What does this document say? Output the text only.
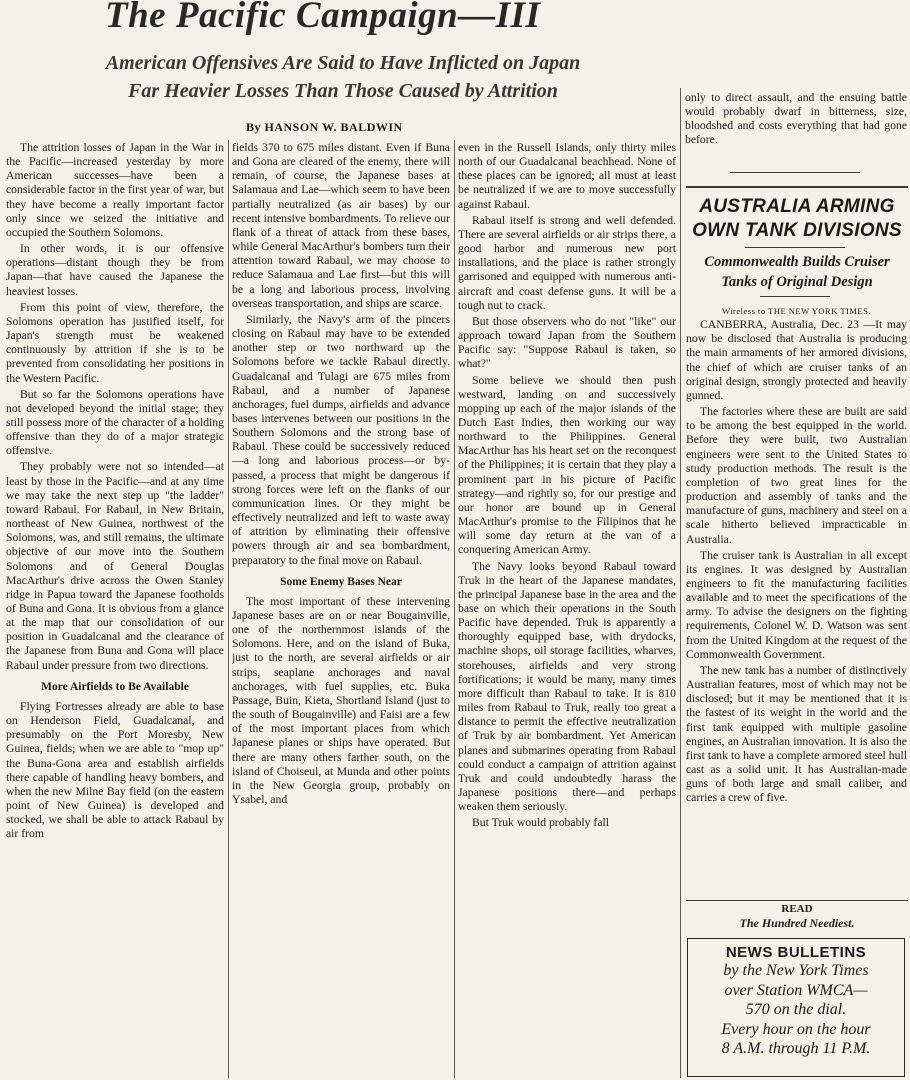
The Pacific Campaign—III
American Offensives Are Said to Have Inflicted on Japan
Far Heavier Losses Than Those Caused by Attrition
By HANSON W. BALDWIN

The attrition losses of Japan in the War in the Pacific—increased yesterday by more American successes—have been a considerable factor in the first year of war, but they have become a really important factor only since we seized the initiative and occupied the Southern Solomons.

In other words, it is our offensive operations—distant though they be from Japan—that have caused the Japanese the heaviest losses.

From this point of view, therefore, the Solomons operation has justified itself, for Japan's strength must be weakened continuously by attrition if she is to be prevented from consolidating her positions in the Western Pacific.

But so far the Solomons operations have not developed beyond the initial stage; they still possess more of the character of a holding offensive than they do of a major strategic offensive.

They probably were not so intended—at least by those in the Pacific—and at any time we may take the next step up "the ladder" toward Rabaul. For Rabaul, in New Britain, northeast of New Guinea, northwest of the Solomons, was, and still remains, the ultimate objective of our move into the Southern Solomons and of General Douglas MacArthur's drive across the Owen Stanley ridge in Papua toward the Japanese footholds of Buna and Gona. It is obvious from a glance at the map that our consolidation of our position in Guadalcanal and the clearance of the Japanese from Buna and Gona will place Rabaul under pressure from two directions.

More Airfields to Be Available

Flying Fortresses already are able to base on Henderson Field, Guadalcanal, and presumably on the Port Moresby, New Guinea, fields; when we are able to "mop up" the Buna-Gona area and establish airfields there capable of handling heavy bombers, and when the new Milne Bay field (on the eastern point of New Guinea) is developed and stocked, we shall be able to attack Rabaul by air from

fields 370 to 675 miles distant. Even if Buna and Gona are cleared of the enemy, there will remain, of course, the Japanese bases at Salamaua and Lae—which seem to have been partially neutralized (as air bases) by our recent intensive bombardments. To relieve our flank of a threat of attack from these bases, while General MacArthur's bombers turn their attention toward Rabaul, we may choose to reduce Salamaua and Lae first—but this will be a long and laborious process, involving overseas transportation, and ships are scarce.

Similarly, the Navy's arm of the pincers closing on Rabaul may have to be extended another step or two northward up the Solomons before we tackle Rabaul directly. Guadalcanal and Tulagi are 675 miles from Rabaul, and a number of Japanese anchorages, fuel dumps, airfields and advance bases intervenes between our positions in the Southern Solomons and the strong base of Rabaul. These could be successively reduced—a long and laborious process—or by-passed, a process that might be dangerous if strong forces were left on the flanks of our communication lines. Or they might be effectively neutralized and left to waste away of attrition by eliminating their offensive powers through air and sea bombardment, preparatory to the final move on Rabaul.

Some Enemy Bases Near

The most important of these intervening Japanese bases are on or near Bougainville, one of the northernmost islands of the Solomons. Here, and on the island of Buka, just to the north, are several airfields or air strips, seaplane anchorages and naval anchorages, with fuel supplies, etc. Buka Passage, Buin, Kieta, Shortland Island (just to the south of Bougainville) and Faisi are a few of the most important places from which Japanese planes or ships have operated. But there are many others farther south, on the island of Choiseul, at Munda and other points in the New Georgia group, probably on Ysabel, and

even in the Russell Islands, only thirty miles north of our Guadalcanal beachhead. None of these places can be ignored; all must at least be neutralized if we are to move successfully against Rabaul.

Rabaul itself is strong and well defended. There are several airfields or air strips there, a good harbor and numerous new port installations, and the place is rather strongly garrisoned and equipped with numerous anti-aircraft and coast defense guns. It will be a tough nut to crack.

But those observers who do not "like" our approach toward Japan from the Southern Pacific say: "Suppose Rabaul is taken, so what?"

Some believe we should then push westward, landing on and successively mopping up each of the major islands of the Dutch East Indies, then working our way northward to the Philippines. General MacArthur has his heart set on the reconquest of the Philippines; it is certain that they play a prominent part in his picture of Pacific strategy—and rightly so, for our prestige and our honor are bound up in General MacArthur's promise to the Filipinos that he will some day return at the van of a conquering American Army.

The Navy looks beyond Rabaul toward Truk in the heart of the Japanese mandates, the principal Japanese base in the area and the base on which their operations in the South Pacific have depended. Truk is apparently a thoroughly equipped base, with drydocks, machine shops, oil storage facilities, wharves, storehouses, airfields and very strong fortifications; it would be many, many times more difficult than Rabaul to take. It is 810 miles from Rabaul to Truk, really too great a distance to permit the effective neutralization of Truk by air bombardment. Yet American planes and submarines operating from Rabaul could conduct a campaign of attrition against Truk and could undoubtedly harass the Japanese positions there—and perhaps weaken them seriously.

But Truk would probably fall

only to direct assault, and the ensuing battle would probably dwarf in bitterness, size, bloodshed and costs everything that had gone before.

AUSTRALIA ARMING
OWN TANK DIVISIONS
Commonwealth Builds Cruiser
Tanks of Original Design
Wireless to THE NEW YORK TIMES.

CANBERRA, Australia, Dec. 23 —It may now be disclosed that Australia is producing the main armaments of her armored divisions, the chief of which are cruiser tanks of an original design, strongly protected and heavily gunned.

The factories where these are built are said to be among the best equipped in the world. Before they were built, two Australian engineers were sent to the United States to study production methods. The result is the completion of two great lines for the production and assembly of tanks and the manufacture of guns, machinery and steel on a scale hitherto believed impracticable in Australia.

The cruiser tank is Australian in all except its engines. It was designed by Australian engineers to fit the manufacturing facilities available and to meet the specifications of the army. To advise the designers on the fighting requirements, Colonel W. D. Watson was sent from the United Kingdom at the request of the Commonwealth Government.

The new tank has a number of distinctively Australian features, most of which may not be disclosed; but it may be mentioned that it is the fastest of its weight in the world and the first tank equipped with multiple gasoline engines, an Australian innovation. It is also the first tank to have a complete armored steel hull cast as a solid unit. It has Australian-made guns of both large and small caliber, and carries a crew of five.

READ
The Hundred Neediest.
NEWS BULLETINS
by the New York Times
over Station WMCA—
570 on the dial.
Every hour on the hour
8 A.M. through 11 P.M.
